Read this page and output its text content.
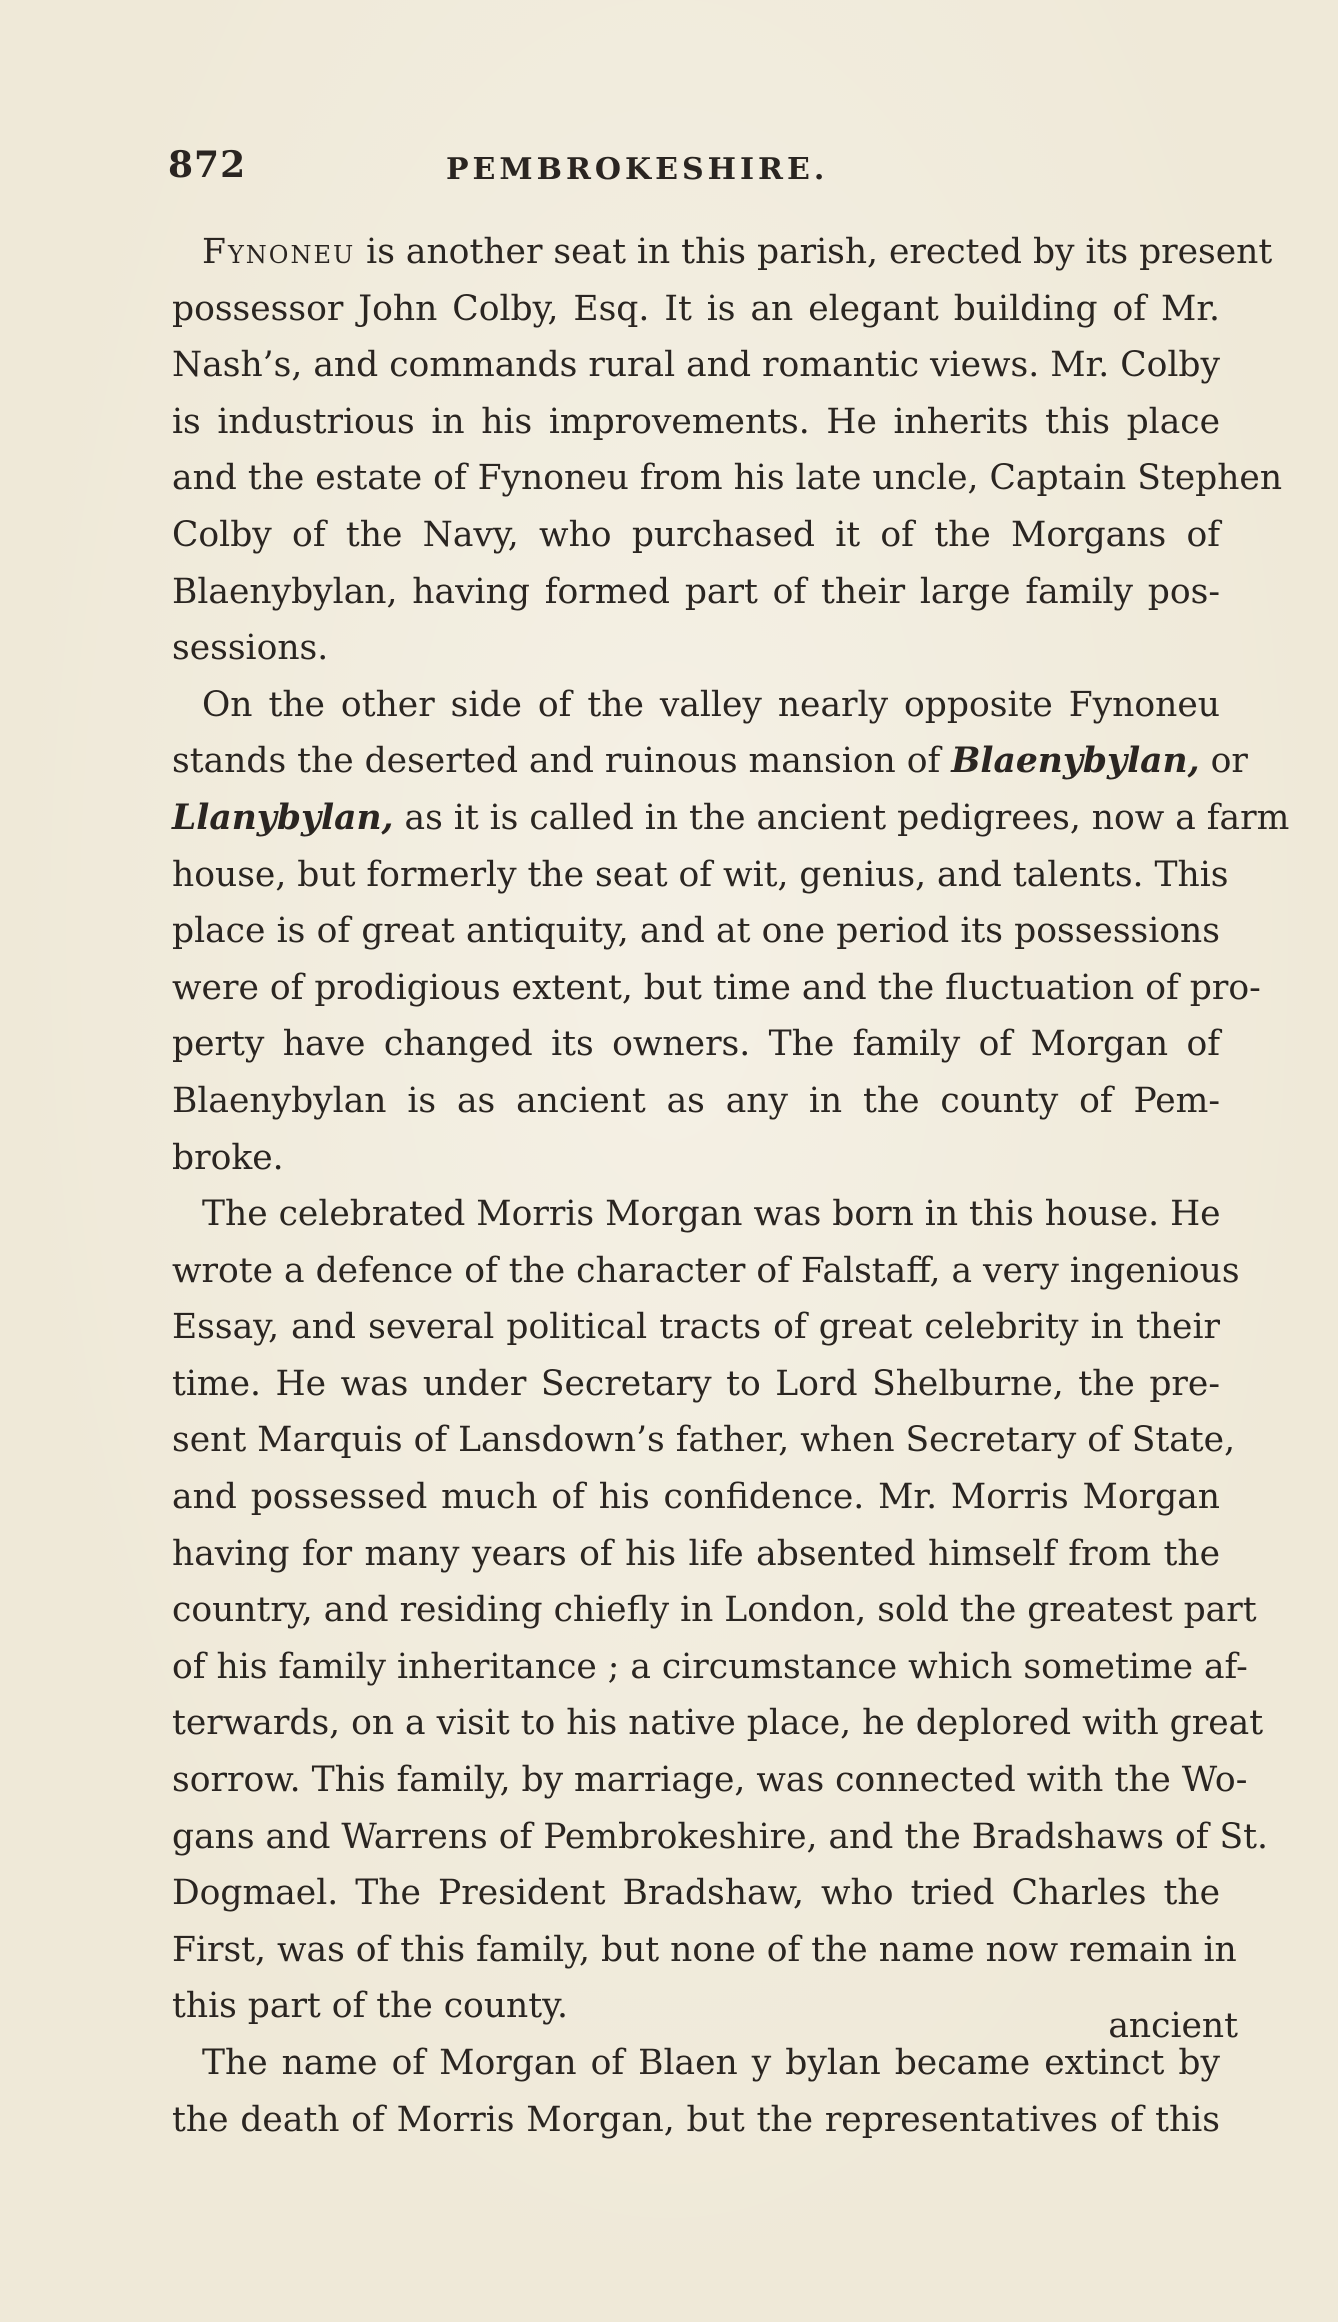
872	PEMBROKESHIRE.
Fynoneu is another seat in this parish, erected by its present
possessor John Colby, Esq. It is an elegant building of Mr.
Nash’s, and commands rural and romantic views. Mr. Colby
is industrious in his improvements. He inherits this place
and the estate of Fynoneu from his late uncle, Captain Stephen
Colby of the Navy, who purchased it of the Morgans of
Blaenybylan, having formed part of their large family pos-
sessions.
On the other side of the valley nearly opposite Fynoneu
stands the deserted and ruinous mansion of Blaenybylan, or
Llanybylan, as it is called in the ancient pedigrees, now a farm
house, but formerly the seat of wit, genius, and talents. This
place is of great antiquity, and at one period its possessions
were of prodigious extent, but time and the fluctuation of pro-
perty have changed its owners. The family of Morgan of
Blaenybylan is as ancient as any in the county of Pem-
broke.
The celebrated Morris Morgan was born in this house. He
wrote a defence of the character of Falstaff, a very ingenious
Essay, and several political tracts of great celebrity in their
time. He was under Secretary to Lord Shelburne, the pre-
sent Marquis of Lansdown’s father, when Secretary of State,
and possessed much of his confidence. Mr. Morris Morgan
having for many years of his life absented himself from the
country, and residing chiefly in London, sold the greatest part
of his family inheritance ; a circumstance which sometime af-
terwards, on a visit to his native place, he deplored with great
sorrow. This family, by marriage, was connected with the Wo-
gans and Warrens of Pembrokeshire, and the Bradshaws of St.
Dogmael. The President Bradshaw, who tried Charles the
First, was of this family, but none of the name now remain in
this part of the county.
The name of Morgan of Blaen y bylan became extinct by
the death of Morris Morgan, but the representatives of this
ancient
